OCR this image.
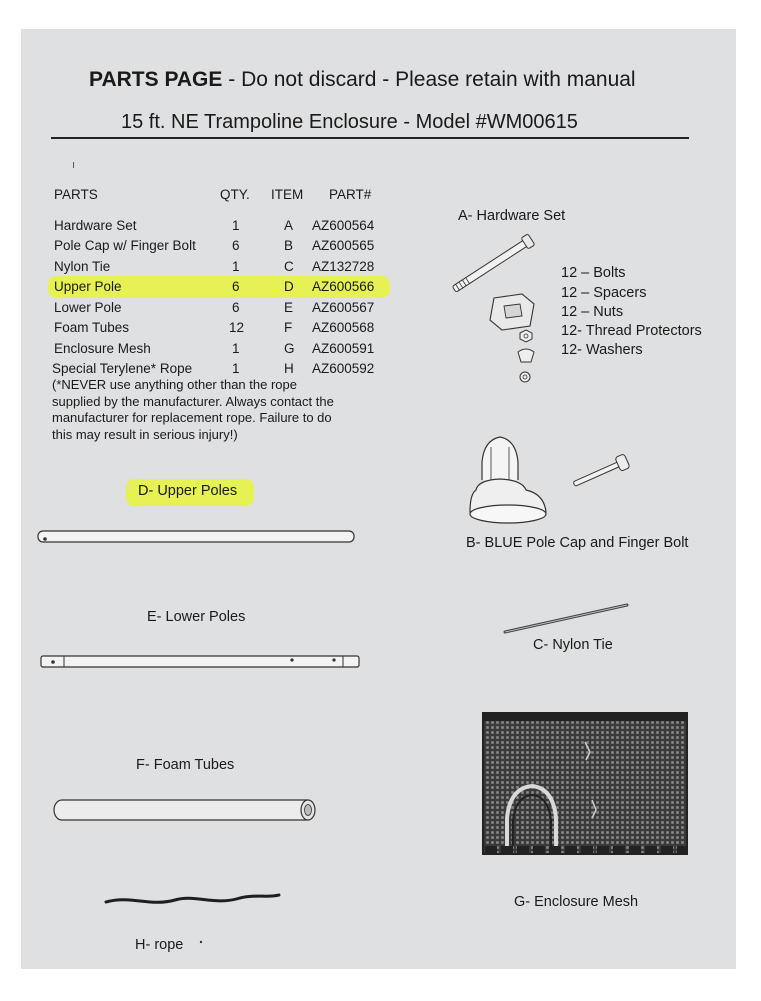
PARTS PAGE - Do not discard - Please retain with manual
15 ft. NE Trampoline Enclosure - Model #WM00615
PARTS	QTY. ITEM PART#
Hardware Set	1	A AZ600564
Pole Cap w/ Finger Bolt	6	B AZ600565
Nylon Tie	1	C AZ132728
Upper Pole	6	D AZ600566
Lower Pole	6	E AZ600567
Foam Tubes	12	F AZ600568
Enclosure Mesh	1	G AZ600591
Special Terylene* Rope	1	H AZ600592
(*NEVER use anything other than the rope
supplied by the manufacturer. Always contact the
manufacturer for replacement rope. Failure to do
this may result in serious injury!)
D- Upper Poles
E- Lower Poles
F- Foam Tubes
H- rope
A- Hardware Set
12 – Bolts
12 – Spacers
12 – Nuts
12- Thread Protectors
12- Washers
B- BLUE Pole Cap and Finger Bolt
C- Nylon Tie
G- Enclosure Mesh
